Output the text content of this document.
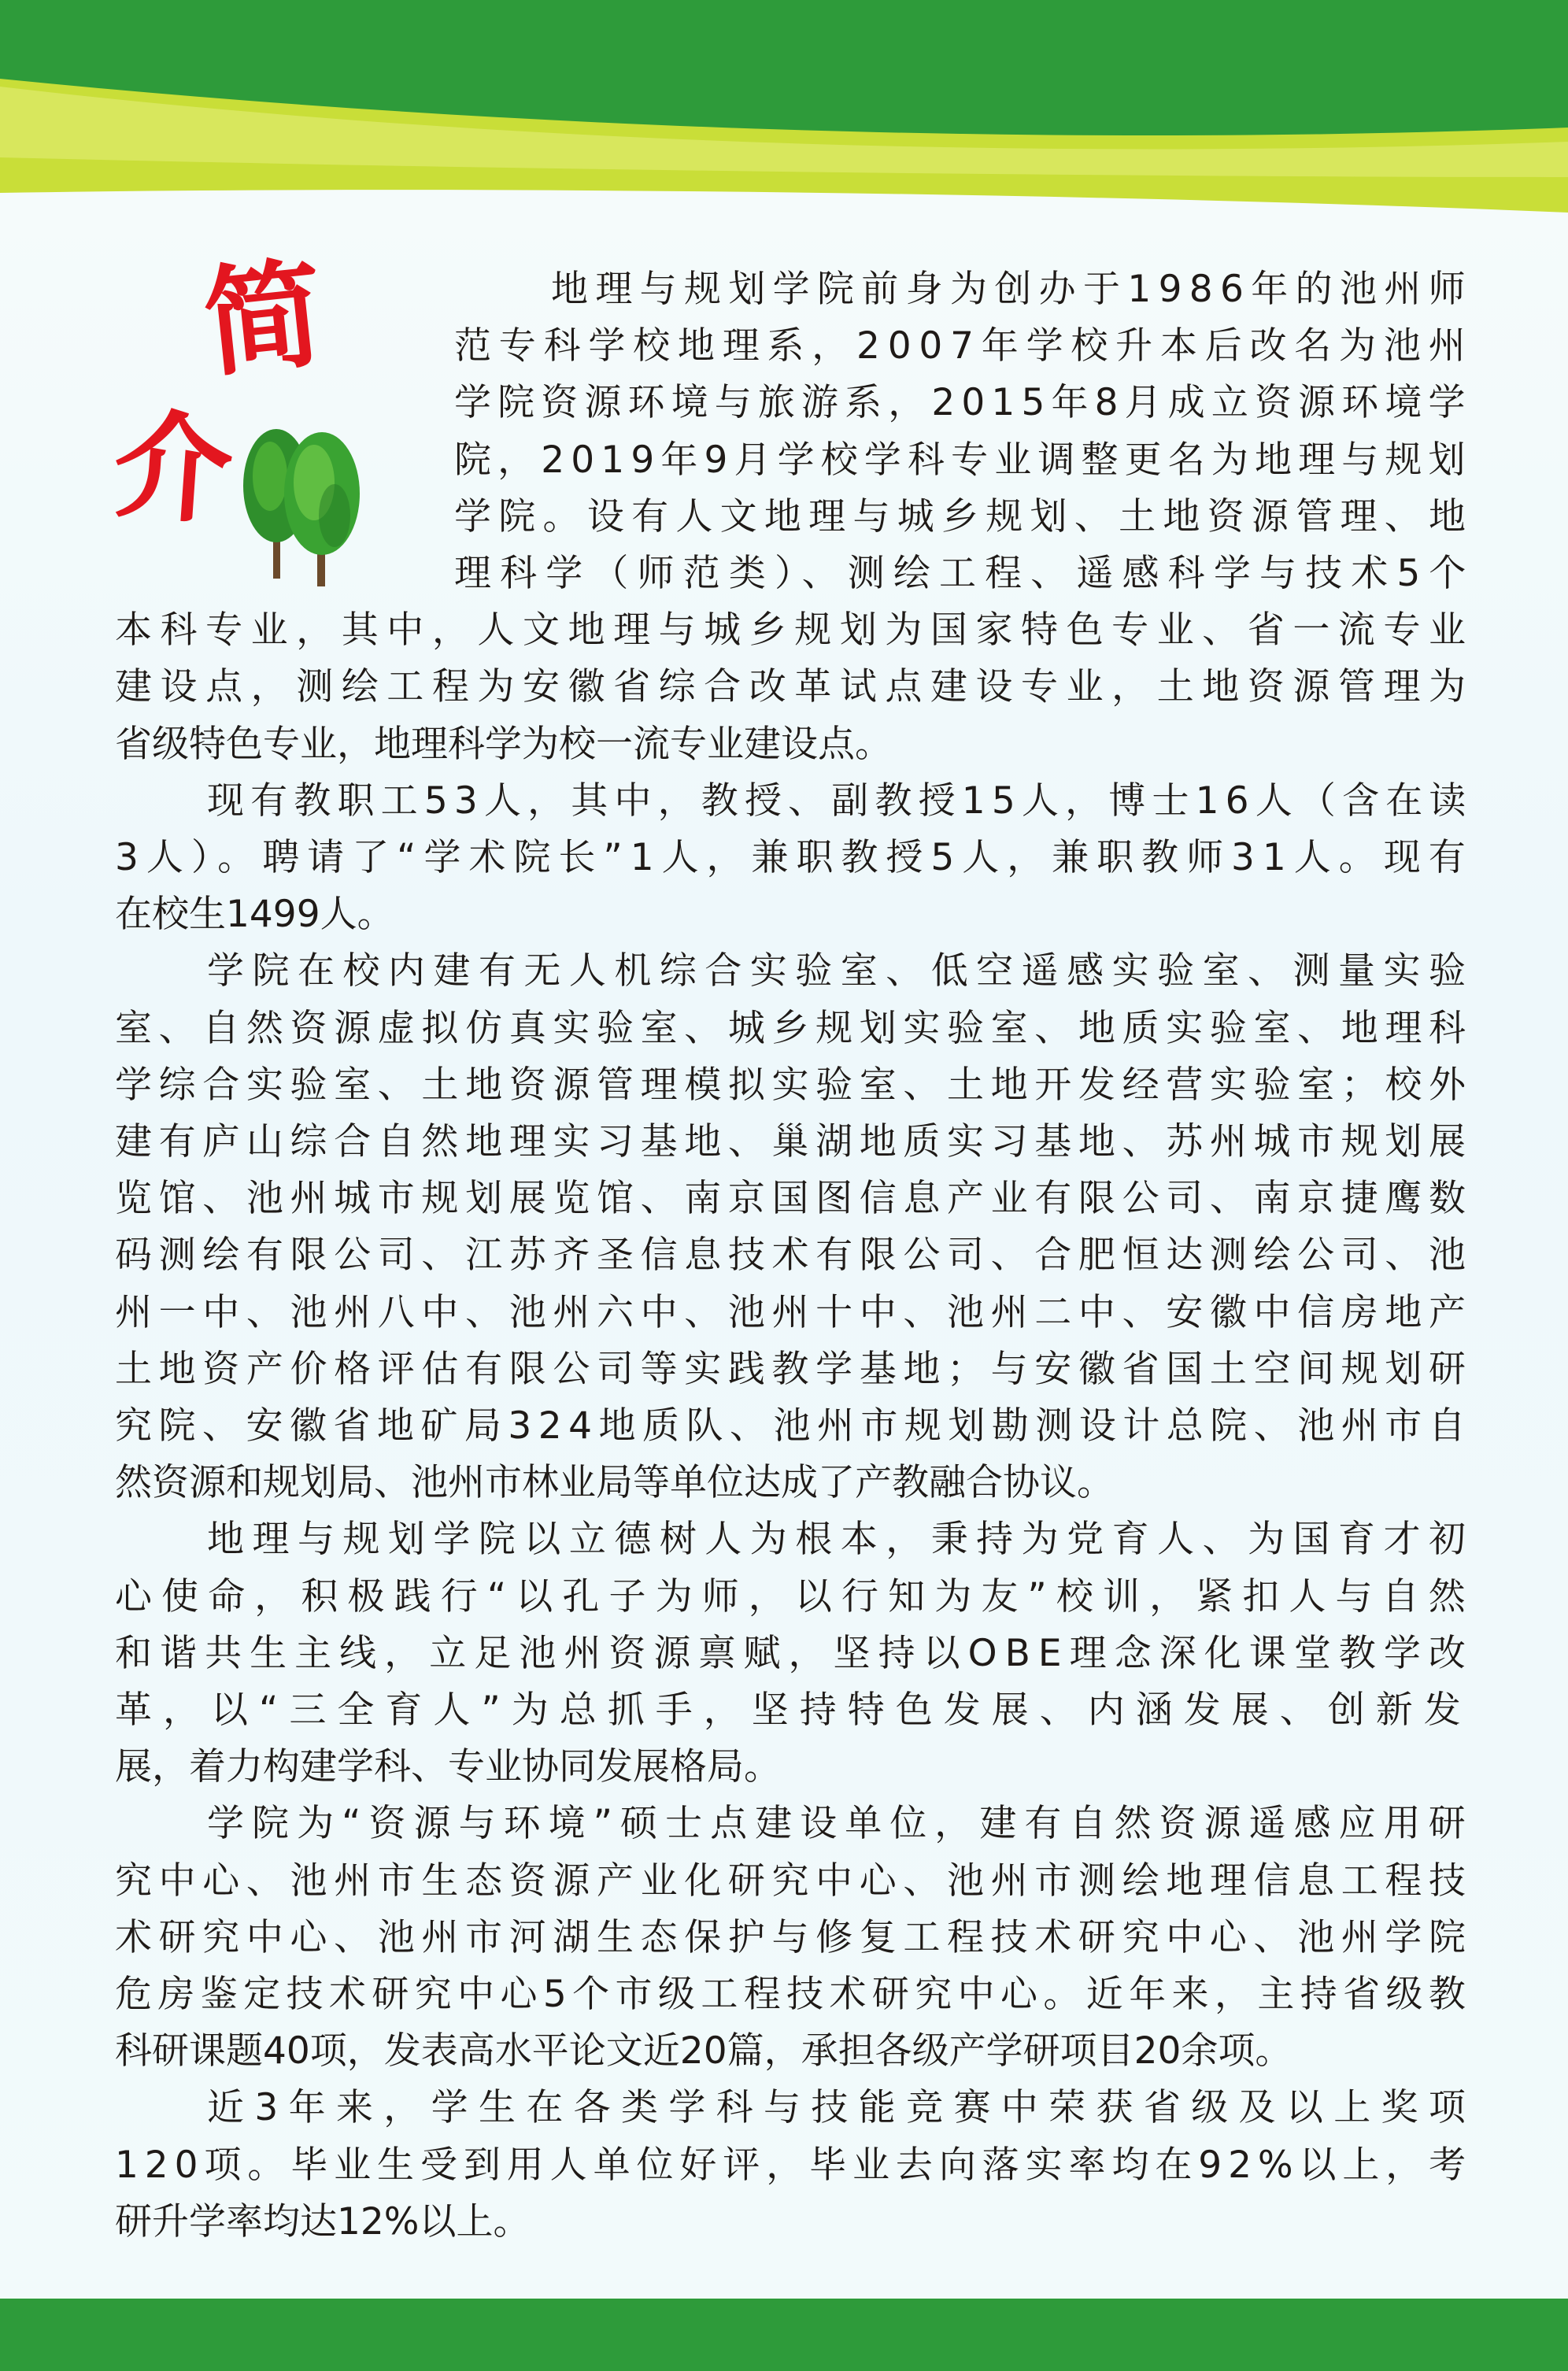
简
介
地理与规划学院前身为创办于1986年的池州师
范专科学校地理系，2007年学校升本后改名为池州
学院资源环境与旅游系，2015年8月成立资源环境学
院，2019年9月学校学科专业调整更名为地理与规划
学院。设有人文地理与城乡规划、土地资源管理、地
理科学（师范类）、测绘工程、遥感科学与技术5个
本科专业，其中，人文地理与城乡规划为国家特色专业、省一流专业
建设点，测绘工程为安徽省综合改革试点建设专业，土地资源管理为
省级特色专业，地理科学为校一流专业建设点。
现有教职工53人，其中，教授、副教授15人，博士16人（含在读
3人）。聘请了“学术院长”1人，兼职教授5人，兼职教师31人。现有
在校生1499人。
学院在校内建有无人机综合实验室、低空遥感实验室、测量实验
室、自然资源虚拟仿真实验室、城乡规划实验室、地质实验室、地理科
学综合实验室、土地资源管理模拟实验室、土地开发经营实验室；校外
建有庐山综合自然地理实习基地、巢湖地质实习基地、苏州城市规划展
览馆、池州城市规划展览馆、南京国图信息产业有限公司、南京捷鹰数
码测绘有限公司、江苏齐圣信息技术有限公司、合肥恒达测绘公司、池
州一中、池州八中、池州六中、池州十中、池州二中、安徽中信房地产
土地资产价格评估有限公司等实践教学基地；与安徽省国土空间规划研
究院、安徽省地矿局324地质队、池州市规划勘测设计总院、池州市自
然资源和规划局、池州市林业局等单位达成了产教融合协议。
地理与规划学院以立德树人为根本，秉持为党育人、为国育才初
心使命，积极践行“以孔子为师，以行知为友”校训，紧扣人与自然
和谐共生主线，立足池州资源禀赋，坚持以OBE理念深化课堂教学改
革，以“三全育人”为总抓手，坚持特色发展、内涵发展、创新发
展，着力构建学科、专业协同发展格局。
学院为“资源与环境”硕士点建设单位，建有自然资源遥感应用研
究中心、池州市生态资源产业化研究中心、池州市测绘地理信息工程技
术研究中心、池州市河湖生态保护与修复工程技术研究中心、池州学院
危房鉴定技术研究中心5个市级工程技术研究中心。近年来，主持省级教
科研课题40项，发表高水平论文近20篇，承担各级产学研项目20余项。
近3年来，学生在各类学科与技能竞赛中荣获省级及以上奖项
120项。毕业生受到用人单位好评，毕业去向落实率均在92%以上，考
研升学率均达12%以上。
